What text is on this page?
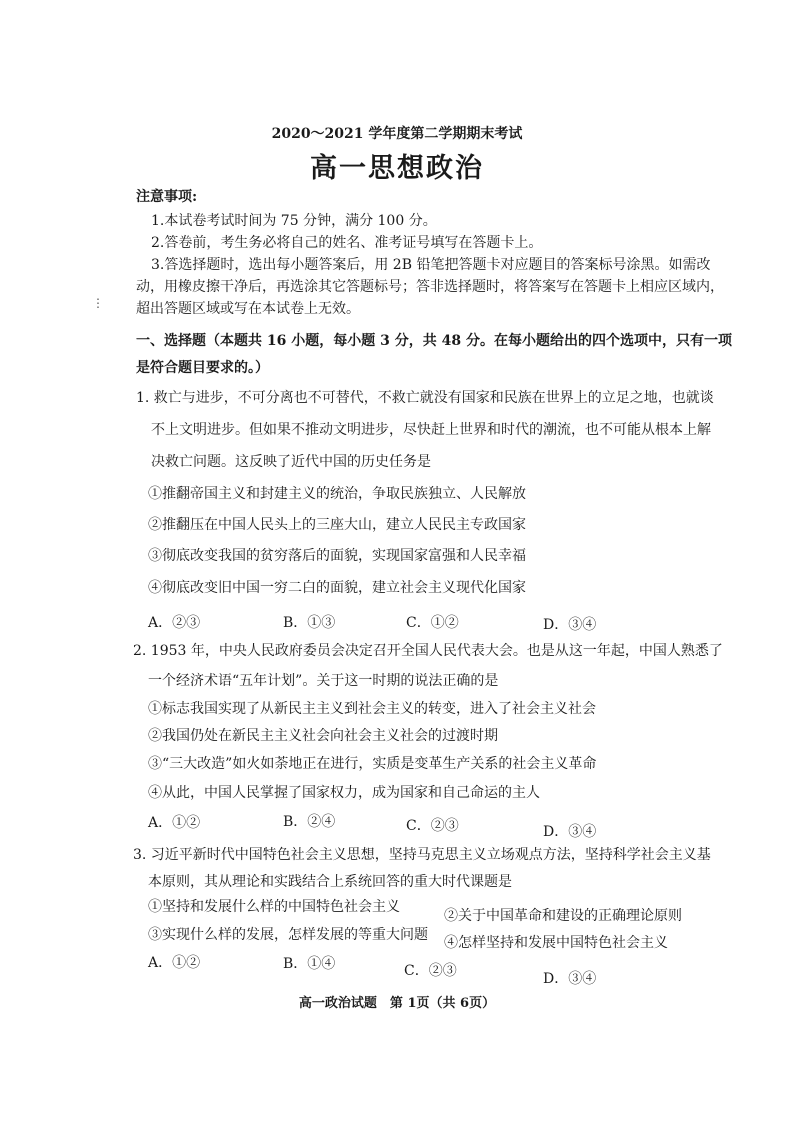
2020～2021 学年度第二学期期末考试
高一思想政治
注意事项:
1.本试卷考试时间为 75 分钟，满分 100 分。
2.答卷前，考生务必将自己的姓名、准考证号填写在答题卡上。
3.答选择题时，选出每小题答案后，用 2B 铅笔把答题卡对应题目的答案标号涂黑。如需改
动，用橡皮擦干净后，再选涂其它答题标号；答非选择题时，将答案写在答题卡上相应区域内，
超出答题区域或写在本试卷上无效。
⋮
一、选择题（本题共 16 小题，每小题 3 分，共 48 分。在每小题给出的四个选项中，只有一项
是符合题目要求的。）
1. 救亡与进步，不可分离也不可替代，不救亡就没有国家和民族在世界上的立足之地，也就谈
不上文明进步。但如果不推动文明进步，尽快赶上世界和时代的潮流，也不可能从根本上解
决救亡问题。这反映了近代中国的历史任务是
①推翻帝国主义和封建主义的统治，争取民族独立、人民解放
②推翻压在中国人民头上的三座大山，建立人民民主专政国家
③彻底改变我国的贫穷落后的面貌，实现国家富强和人民幸福
④彻底改变旧中国一穷二白的面貌，建立社会主义现代化国家
A．②③	B．①③	C．①②	D．③④
2. 1953 年，中央人民政府委员会决定召开全国人民代表大会。也是从这一年起，中国人熟悉了
一个经济术语“五年计划”。关于这一时期的说法正确的是
①标志我国实现了从新民主主义到社会主义的转变，进入了社会主义社会
②我国仍处在新民主主义社会向社会主义社会的过渡时期
③“三大改造”如火如荼地正在进行，实质是变革生产关系的社会主义革命
④从此，中国人民掌握了国家权力，成为国家和自己命运的主人
A．①②	B．②④	C．②③	D．③④
3. 习近平新时代中国特色社会主义思想，坚持马克思主义立场观点方法，坚持科学社会主义基
本原则，其从理论和实践结合上系统回答的重大时代课题是
①坚持和发展什么样的中国特色社会主义
②关于中国革命和建设的正确理论原则
③实现什么样的发展，怎样发展的等重大问题 ④怎样坚持和发展中国特色社会主义
A．①②	B．①④	C．②③	D．③④
高一政治试题　第 1页（共 6页）
